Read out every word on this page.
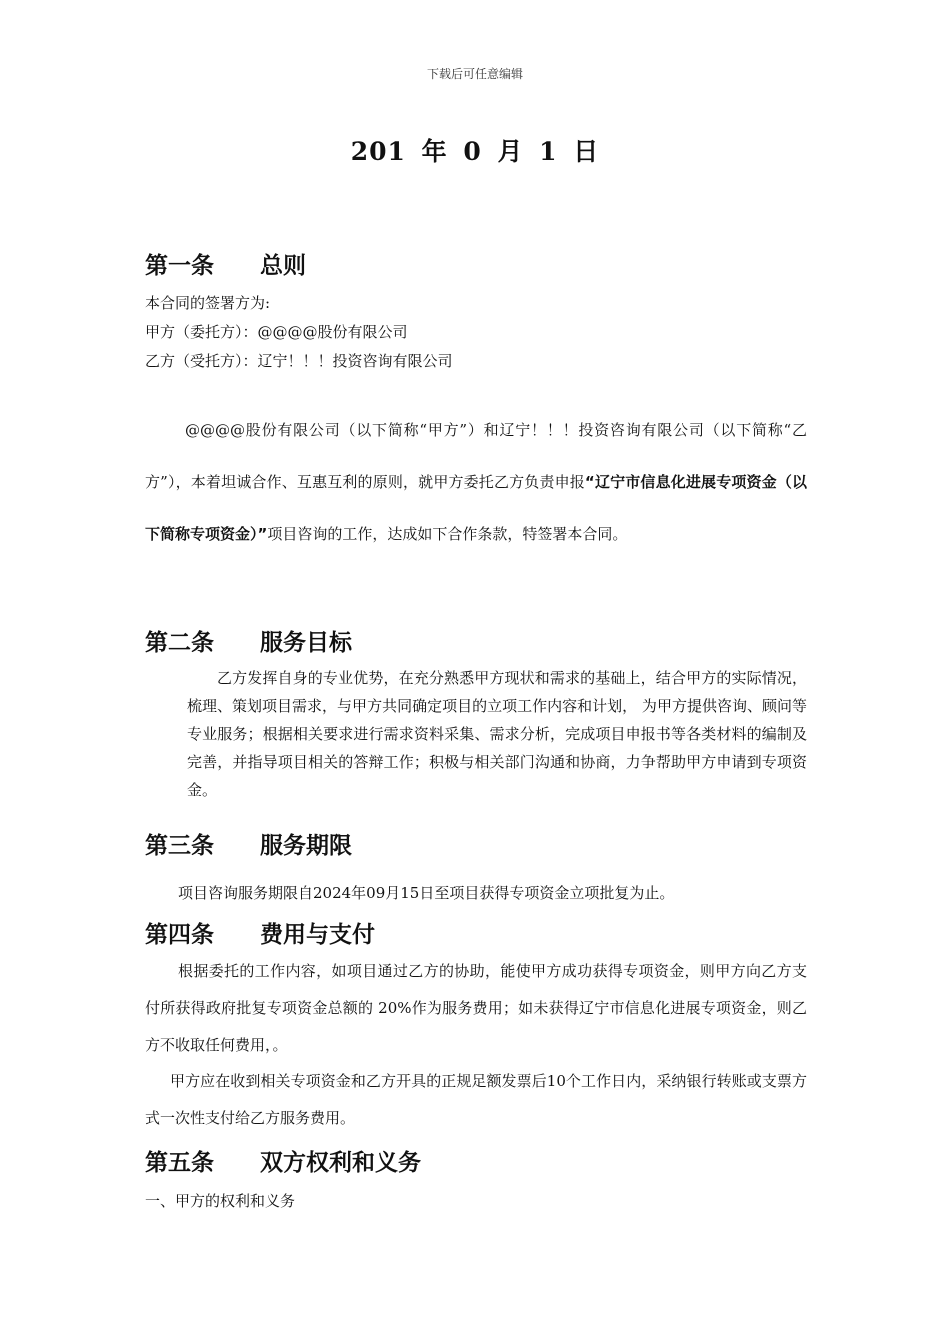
下载后可任意编辑
201 年 0 月 1 日
第一条 总则
本合同的签署方为:
甲方（委托方）：@@@@股份有限公司
乙方（受托方）：辽宁！！！投资咨询有限公司
@@@@股份有限公司（以下简称“甲方”）和辽宁！！！投资咨询有限公司（以下简称“乙方”），本着坦诚合作、互惠互利的原则，就甲方委托乙方负责申报“辽宁市信息化进展专项资金（以下简称专项资金）”项目咨询的工作，达成如下合作条款，特签署本合同。
第二条 服务目标
乙方发挥自身的专业优势，在充分熟悉甲方现状和需求的基础上，结合甲方的实际情况，梳理、策划项目需求，与甲方共同确定项目的立项工作内容和计划， 为甲方提供咨询、顾问等专业服务；根据相关要求进行需求资料采集、需求分析，完成项目申报书等各类材料的编制及完善，并指导项目相关的答辩工作；积极与相关部门沟通和协商，力争帮助甲方申请到专项资金。
第三条 服务期限
项目咨询服务期限自2024年09月15日至项目获得专项资金立项批复为止。
第四条 费用与支付
根据委托的工作内容，如项目通过乙方的协助，能使甲方成功获得专项资金，则甲方向乙方支付所获得政府批复专项资金总额的 20%作为服务费用；如未获得辽宁市信息化进展专项资金，则乙方不收取任何费用，。
甲方应在收到相关专项资金和乙方开具的正规足额发票后10个工作日内，采纳银行转账或支票方式一次性支付给乙方服务费用。
第五条 双方权利和义务
一、甲方的权利和义务
